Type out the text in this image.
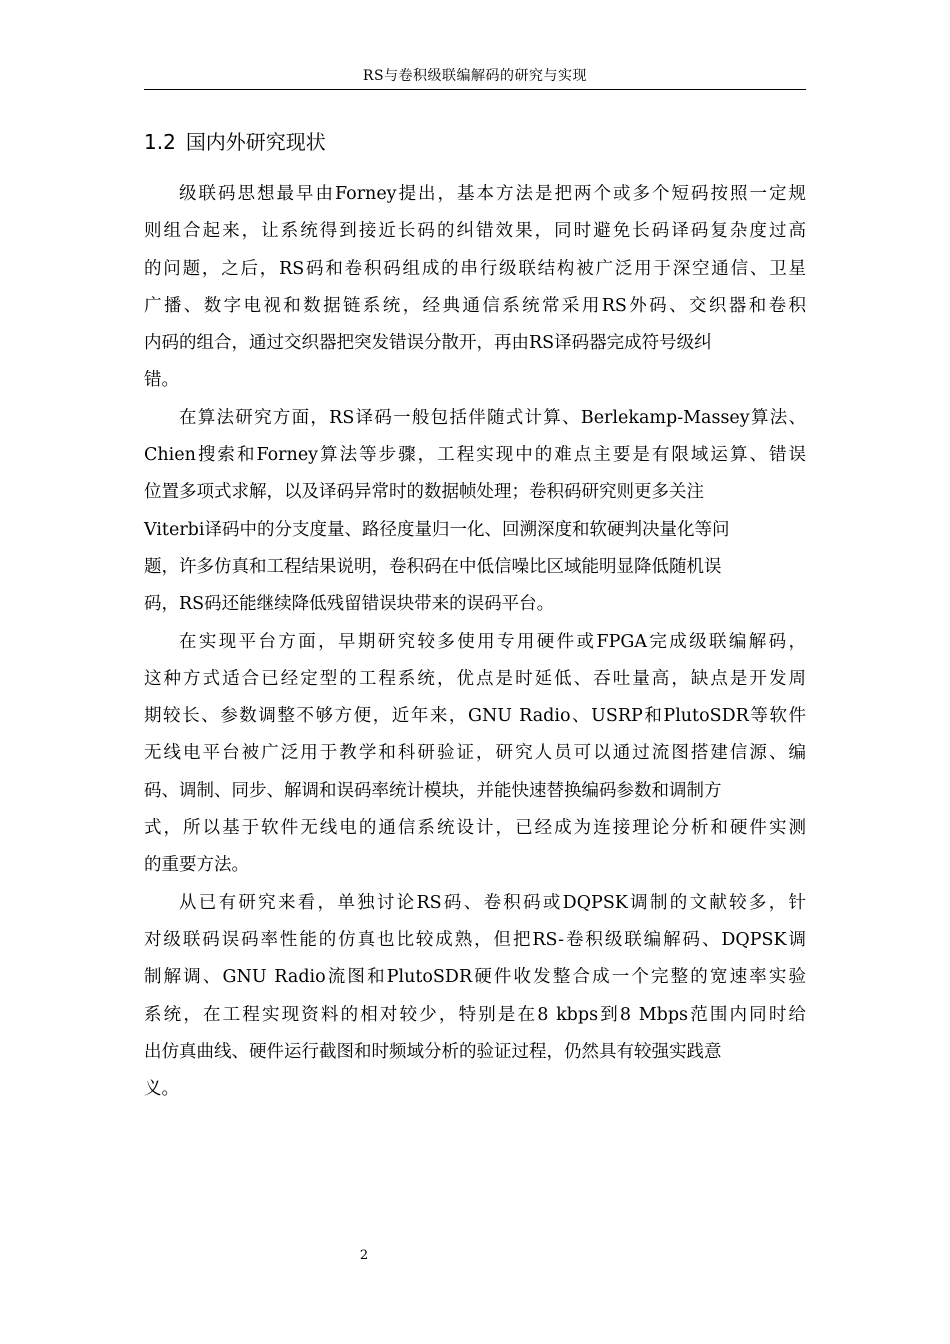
RS与卷积级联编解码的研究与实现
1.2 国内外研究现状

级联码思想最早由Forney提出，基本方法是把两个或多个短码按照一定规
则组合起来，让系统得到接近长码的纠错效果，同时避免长码译码复杂度过高
的问题，之后，RS码和卷积码组成的串行级联结构被广泛用于深空通信、卫星
广播、数字电视和数据链系统，经典通信系统常采用RS外码、交织器和卷积
内码的组合，通过交织器把突发错误分散开，再由RS译码器完成符号级纠
错。

在算法研究方面，RS译码一般包括伴随式计算、Berlekamp-Massey算法、
Chien搜索和Forney算法等步骤，工程实现中的难点主要是有限域运算、错误
位置多项式求解，以及译码异常时的数据帧处理；卷积码研究则更多关注
Viterbi译码中的分支度量、路径度量归一化、回溯深度和软硬判决量化等问
题，许多仿真和工程结果说明，卷积码在中低信噪比区域能明显降低随机误
码，RS码还能继续降低残留错误块带来的误码平台。

在实现平台方面，早期研究较多使用专用硬件或FPGA完成级联编解码，
这种方式适合已经定型的工程系统，优点是时延低、吞吐量高，缺点是开发周
期较长、参数调整不够方便，近年来，GNU Radio、USRP和PlutoSDR等软件
无线电平台被广泛用于教学和科研验证，研究人员可以通过流图搭建信源、编
码、调制、同步、解调和误码率统计模块，并能快速替换编码参数和调制方
式，所以基于软件无线电的通信系统设计，已经成为连接理论分析和硬件实测
的重要方法。

从已有研究来看，单独讨论RS码、卷积码或DQPSK调制的文献较多，针
对级联码误码率性能的仿真也比较成熟，但把RS-卷积级联编解码、DQPSK调
制解调、GNU Radio流图和PlutoSDR硬件收发整合成一个完整的宽速率实验
系统，在工程实现资料的相对较少，特别是在8 kbps到8 Mbps范围内同时给
出仿真曲线、硬件运行截图和时频域分析的验证过程，仍然具有较强实践意
义。

2
